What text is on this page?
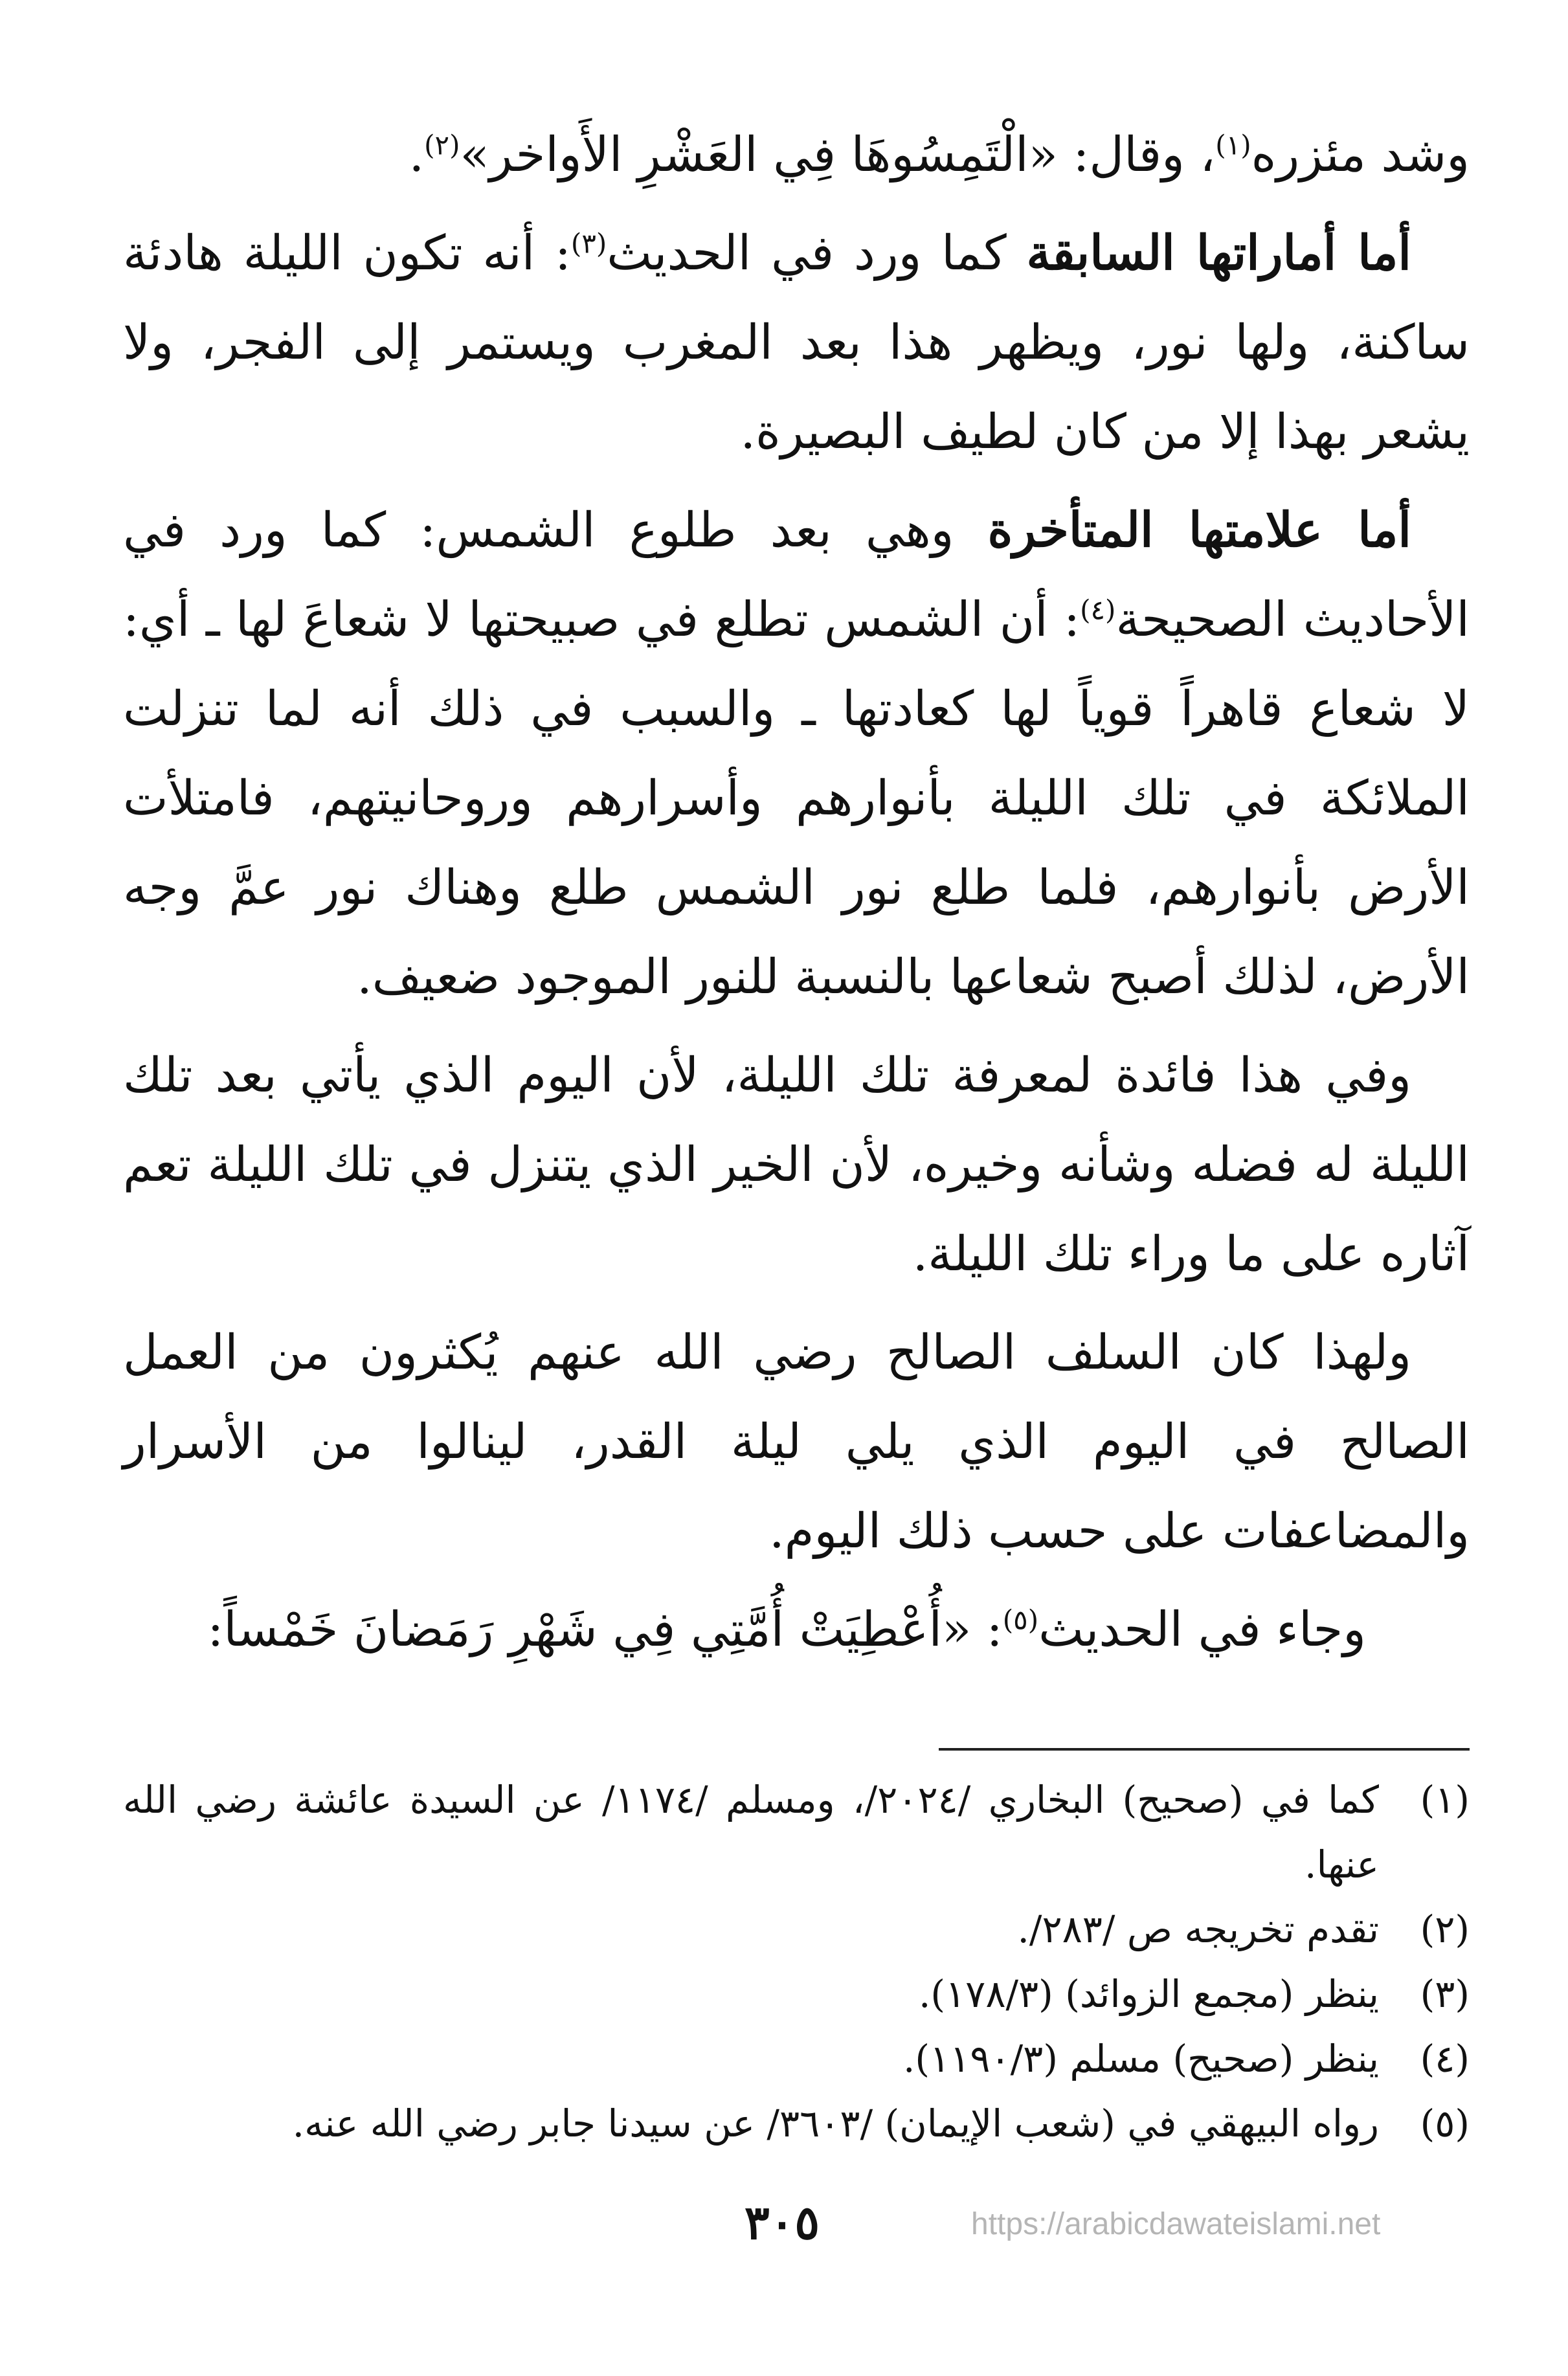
وشد مئزره$^{(١)}$، وقال: «الْتَمِسُوهَا فِي العَشْرِ الأَواخر»$^{(٢)}$.

أما أماراتها السابقة كما ورد في الحديث$^{(٣)}$: أنه تكون الليلة هادئة ساكنة، ولها نور، ويظهر هذا بعد المغرب ويستمر إلى الفجر، ولا يشعر بهذا إلا من كان لطيف البصيرة.

أما علامتها المتأخرة وهي بعد طلوع الشمس: كما ورد في الأحاديث الصحيحة$^{(٤)}$: أن الشمس تطلع في صبيحتها لا شعاعَ لها ـ أي: لا شعاع قاهراً قوياً لها كعادتها ـ والسبب في ذلك أنه لما تنزلت الملائكة في تلك الليلة بأنوارهم وأسرارهم وروحانيتهم، فامتلأت الأرض بأنوارهم، فلما طلع نور الشمس طلع وهناك نور عمَّ وجه الأرض، لذلك أصبح شعاعها بالنسبة للنور الموجود ضعيف.

وفي هذا فائدة لمعرفة تلك الليلة، لأن اليوم الذي يأتي بعد تلك الليلة له فضله وشأنه وخيره، لأن الخير الذي يتنزل في تلك الليلة تعم آثاره على ما وراء تلك الليلة.

ولهذا كان السلف الصالح رضي الله عنهم يُكثرون من العمل الصالح في اليوم الذي يلي ليلة القدر، لينالوا من الأسرار والمضاعفات على حسب ذلك اليوم.

وجاء في الحديث$^{(٥)}$: «أُعْطِيَتْ أُمَّتِي فِي شَهْرِ رَمَضانَ خَمْساً:

(١)
كما في (صحيح) البخاري /٢٠٢٤/، ومسلم /١١٧٤/ عن السيدة عائشة رضي الله عنها.
(٢)
تقدم تخريجه ص /٢٨٣/.
(٣)
ينظر (مجمع الزوائد) (١٧٨/٣).
(٤)
ينظر (صحيح) مسلم (١١٩٠/٣).
(٥)
رواه البيهقي في (شعب الإيمان) /٣٦٠٣/ عن سيدنا جابر رضي الله عنه.
٣٠٥	https://arabicdawateislami.net
